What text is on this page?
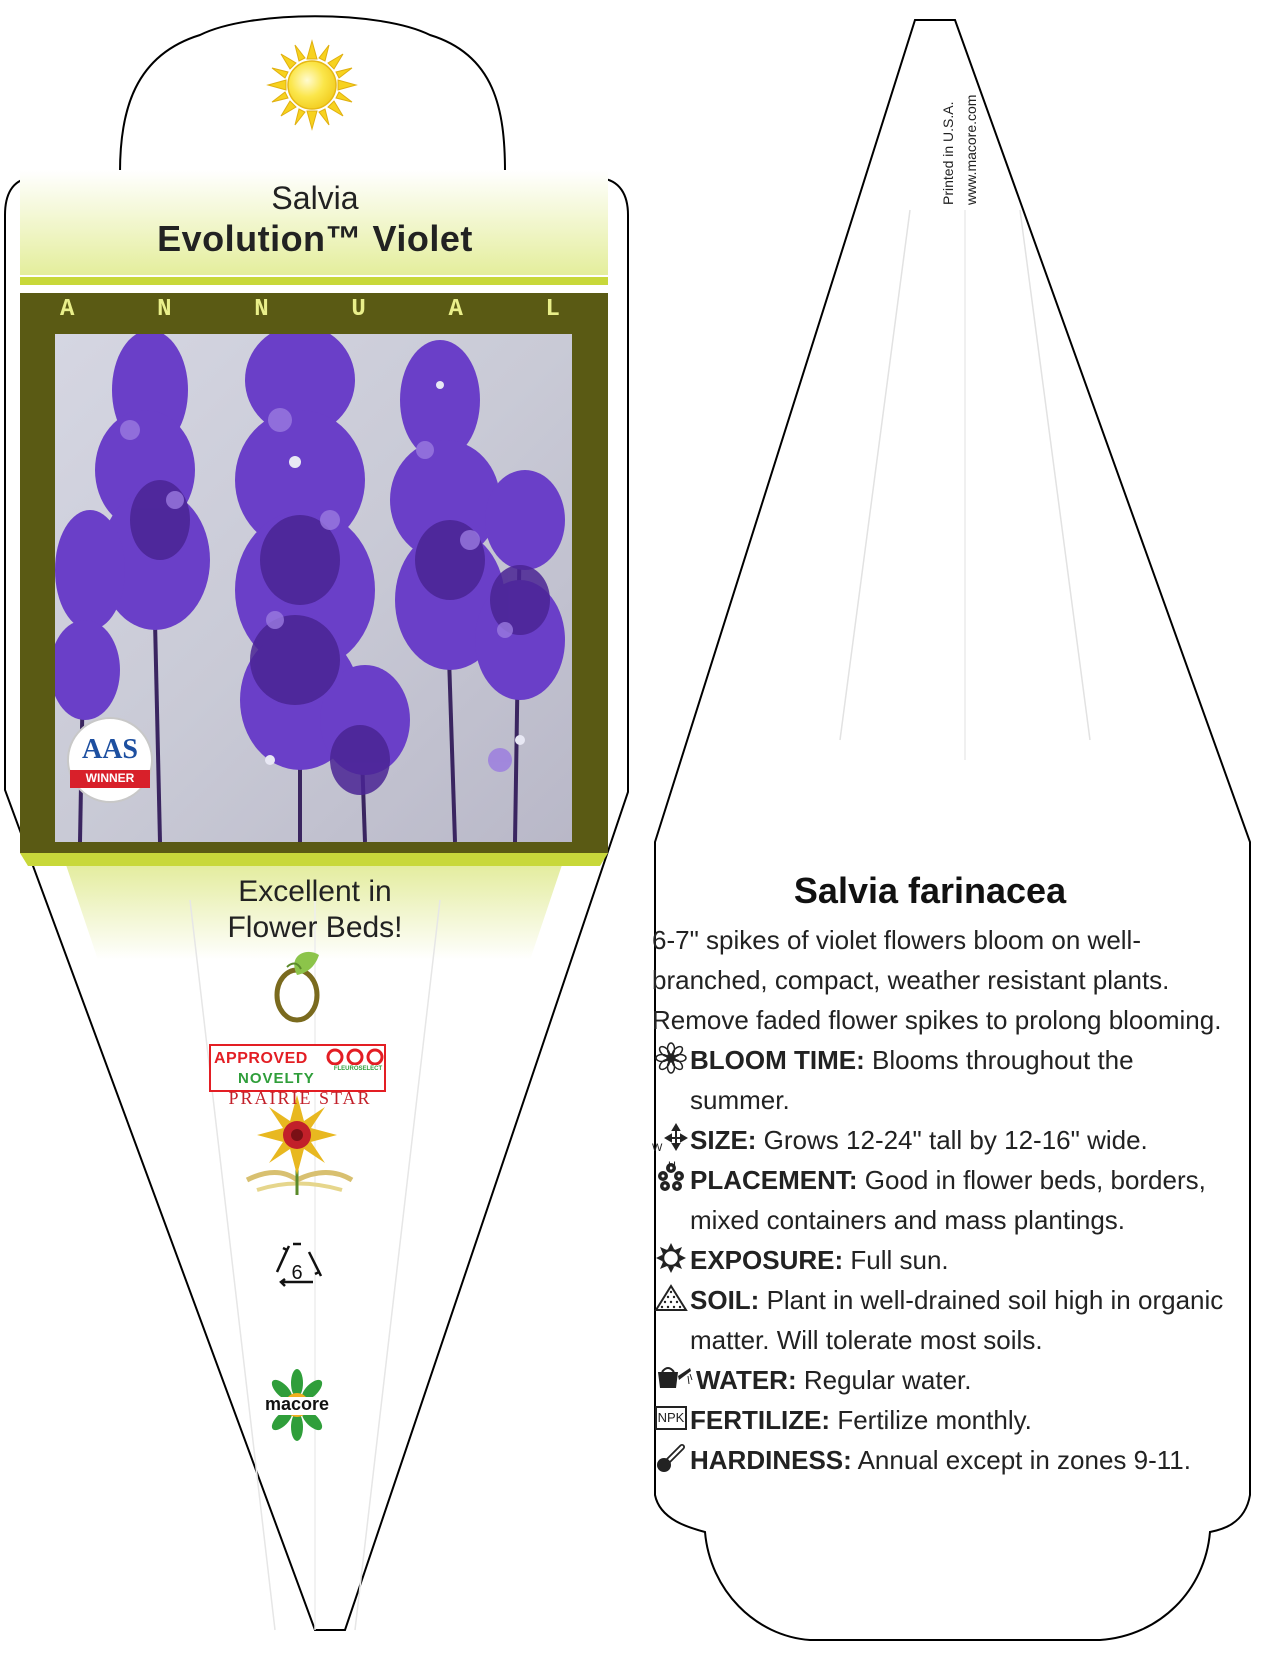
Salvia
Evolution™ Violet
A	N	N	U	A	L
AAS
WINNER
Excellent in
Flower Beds!
APPROVED
NOVELTY
FLEUROSELECT
PRAIRIE STAR
6
macore
Printed in U.S.A. www.macore.com
Salvia farinacea

6-7" spikes of violet flowers bloom on well-branched, compact, weather resistant plants. Remove faded flower spikes to prolong blooming.

BLOOM TIME: Blooms throughout the summer.
W
H
SIZE: Grows 12-24" tall by 12-16" wide.
PLACEMENT: Good in flower beds, borders, mixed containers and mass plantings.
EXPOSURE: Full sun.
SOIL: Plant in well-drained soil high in organic matter. Will tolerate most soils.
WATER: Regular water.
NPK FERTILIZE: Fertilize monthly.
HARDINESS: Annual except in zones 9-11.
